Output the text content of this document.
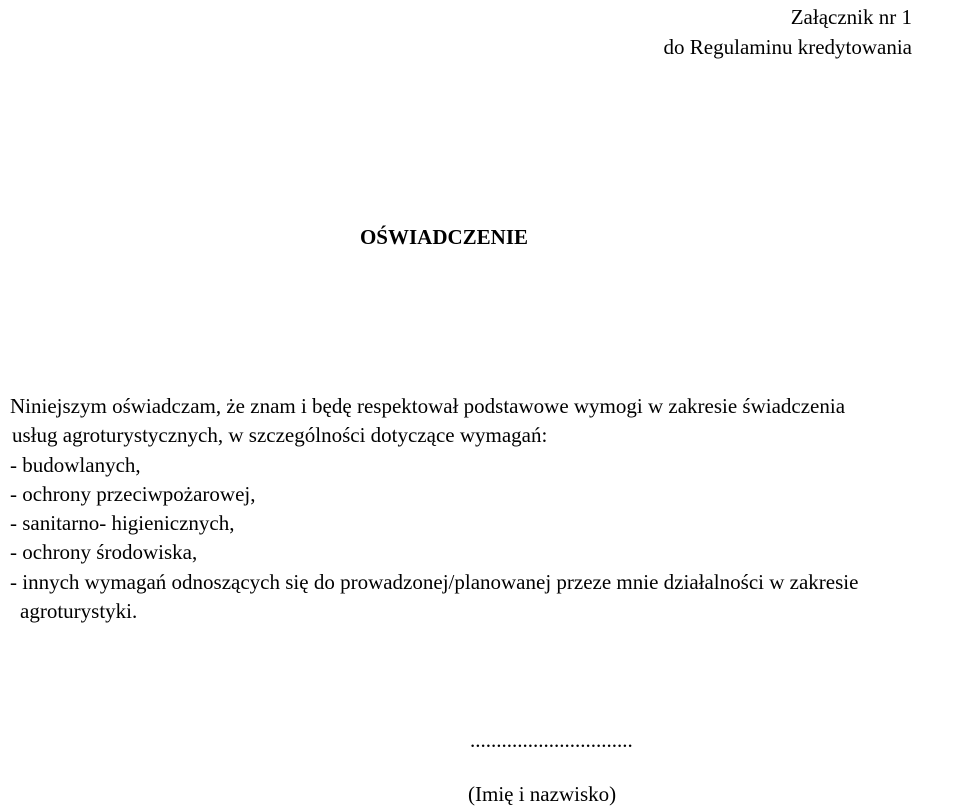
Załącznik nr 1
do Regulaminu kredytowania
OŚWIADCZENIE
Niniejszym oświadczam, że znam i będę respektował podstawowe wymogi w zakresie świadczenia
usług agroturystycznych, w szczególności dotyczące wymagań:
- budowlanych,
- ochrony przeciwpożarowej,
- sanitarno- higienicznych,
- ochrony środowiska,
- innych wymagań odnoszących się do prowadzonej/planowanej przeze mnie działalności w zakresie
agroturystyki.
...............................
(Imię i nazwisko)
